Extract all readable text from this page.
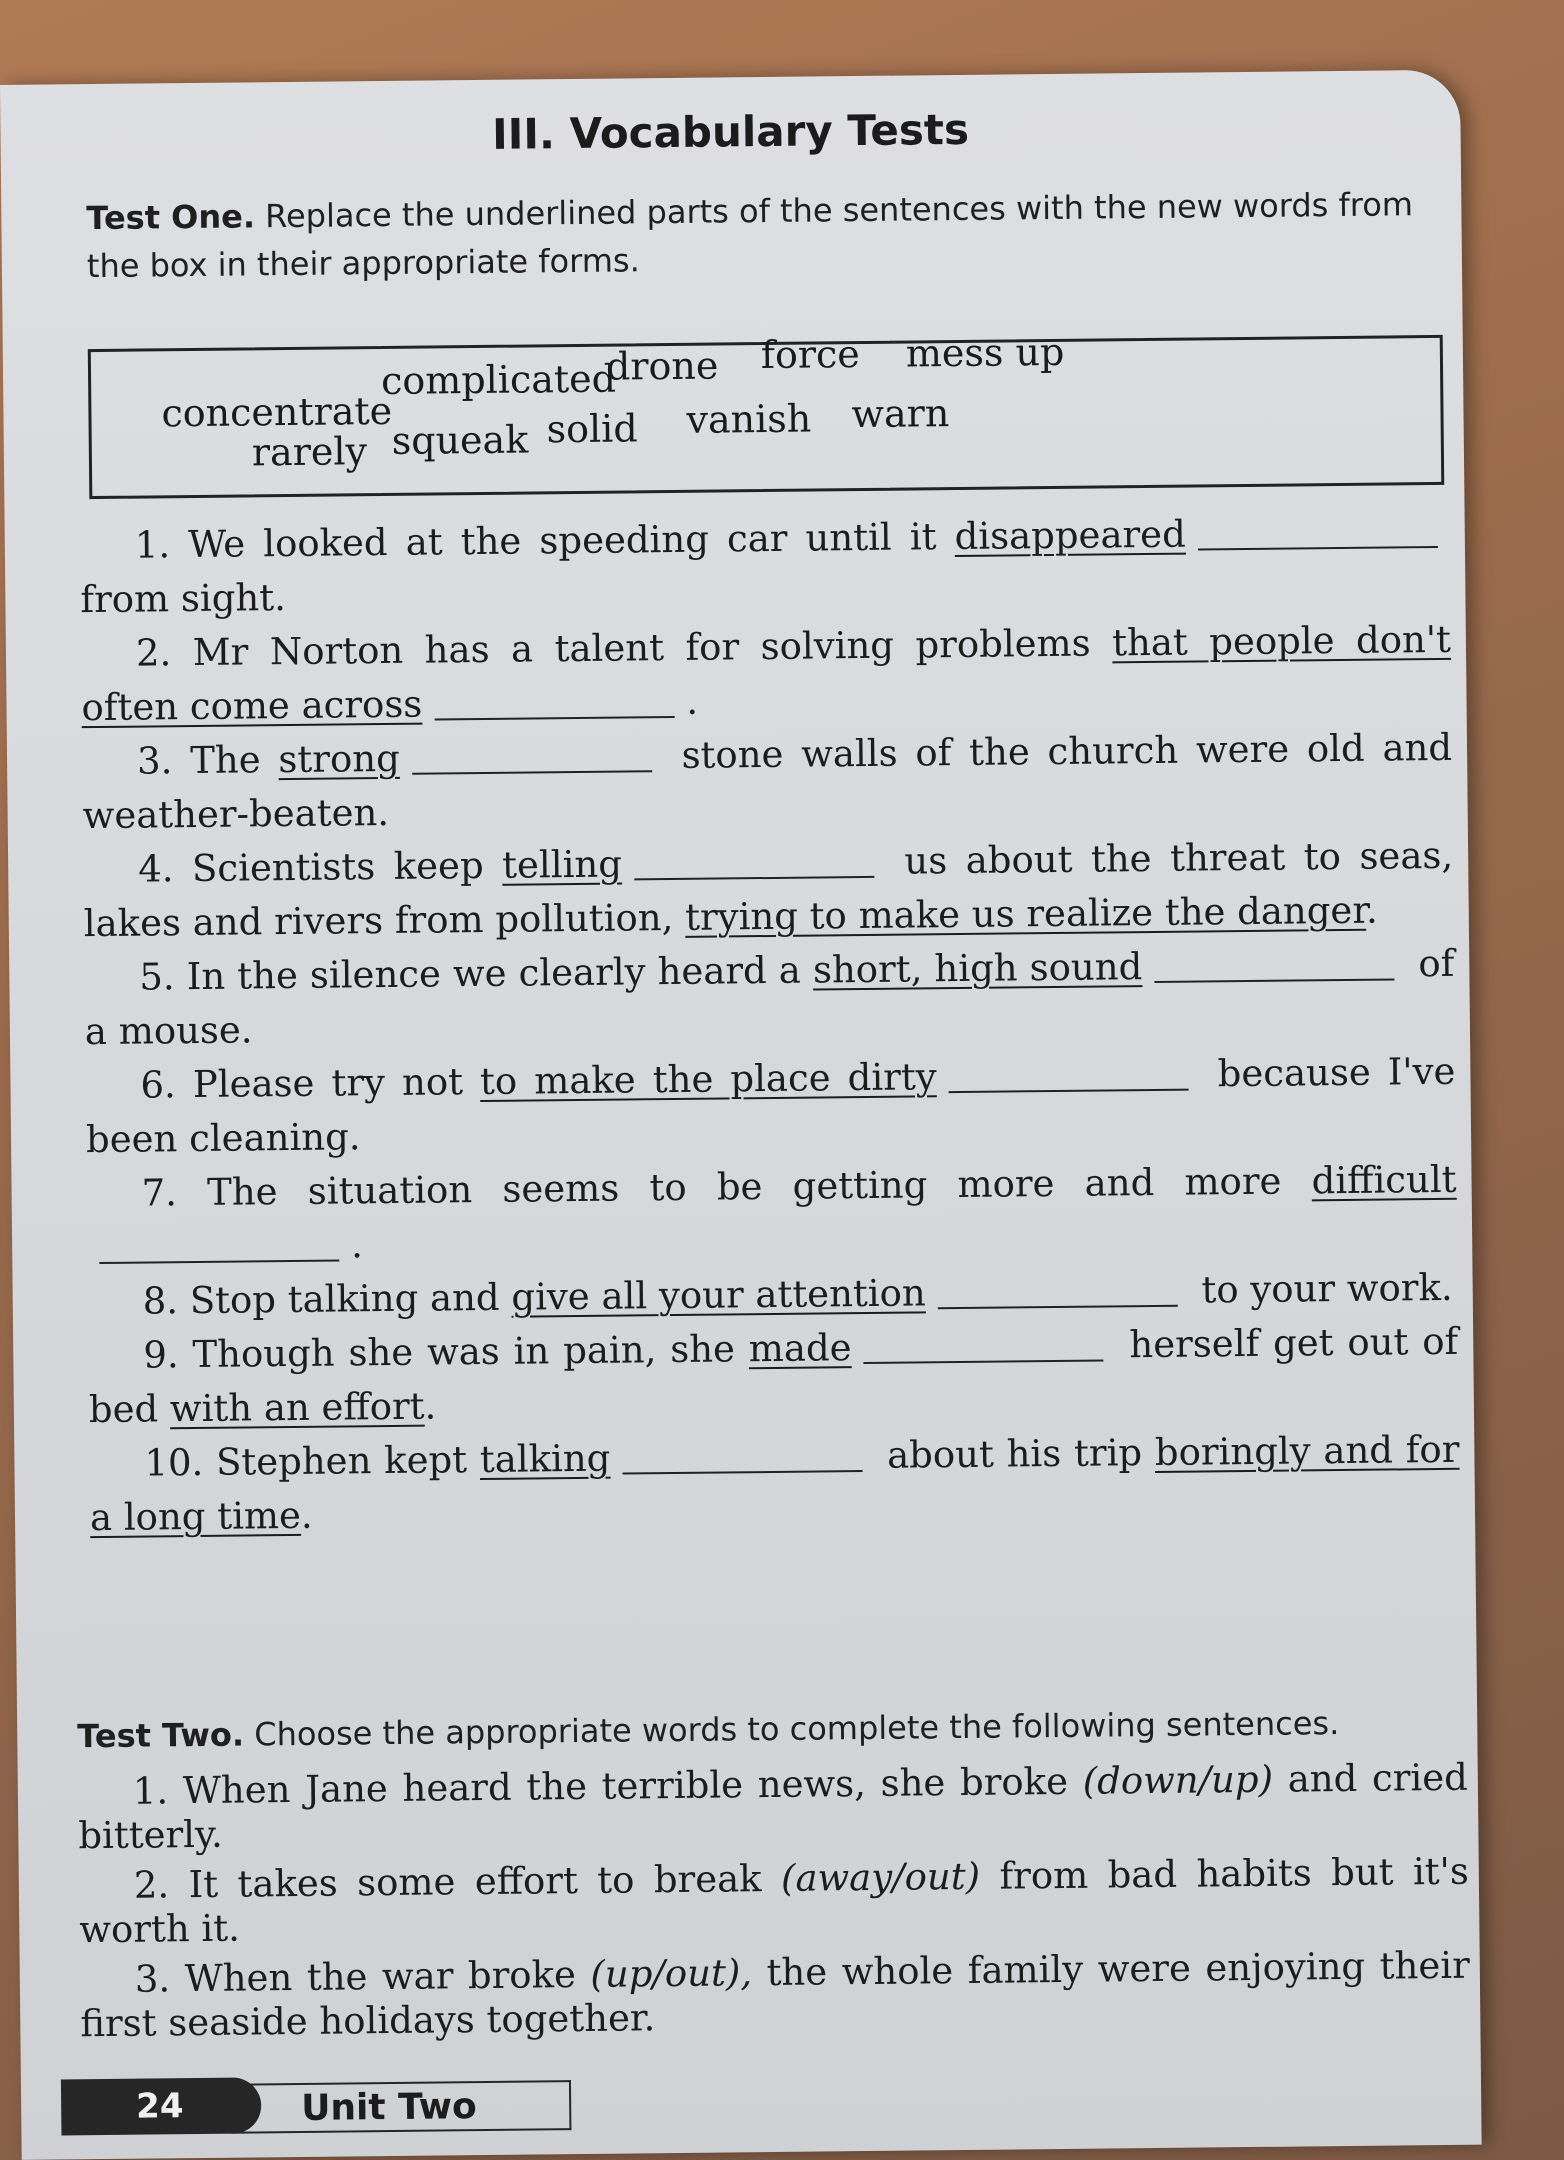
III. Vocabulary Tests
Test One. Replace the underlined parts of the sentences with the new words from the box in their appropriate forms.
concentrate
complicated
drone force mess up
rarely squeak solid vanish warn

1. We looked at the speeding car until it disappeared from sight.

2. Mr Norton has a talent for solving problems that people don't often come across	.

3. The strong	stone walls of the church were old and weather-beaten.

4. Scientists keep telling	us about the threat to seas, lakes and rivers from pollution, trying to make us realize the danger.

5. In the silence we clearly heard a short, high sound	of a mouse.

6. Please try not to make the place dirty	because I've been cleaning.

7. The situation seems to be getting more and more difficult.

8. Stop talking and give all your attention	to your work.

9. Though she was in pain, she made	herself get out of bed with an effort.

10. Stephen kept talking	about his trip boringly and for a long time.

Test Two. Choose the appropriate words to complete the following sentences.

1. When Jane heard the terrible news, she broke (down/up) and cried bitterly.

2. It takes some effort to break (away/out) from bad habits but it's worth it.

3. When the war broke (up/out), the whole family were enjoying their first seaside holidays together.

Unit Two
24
